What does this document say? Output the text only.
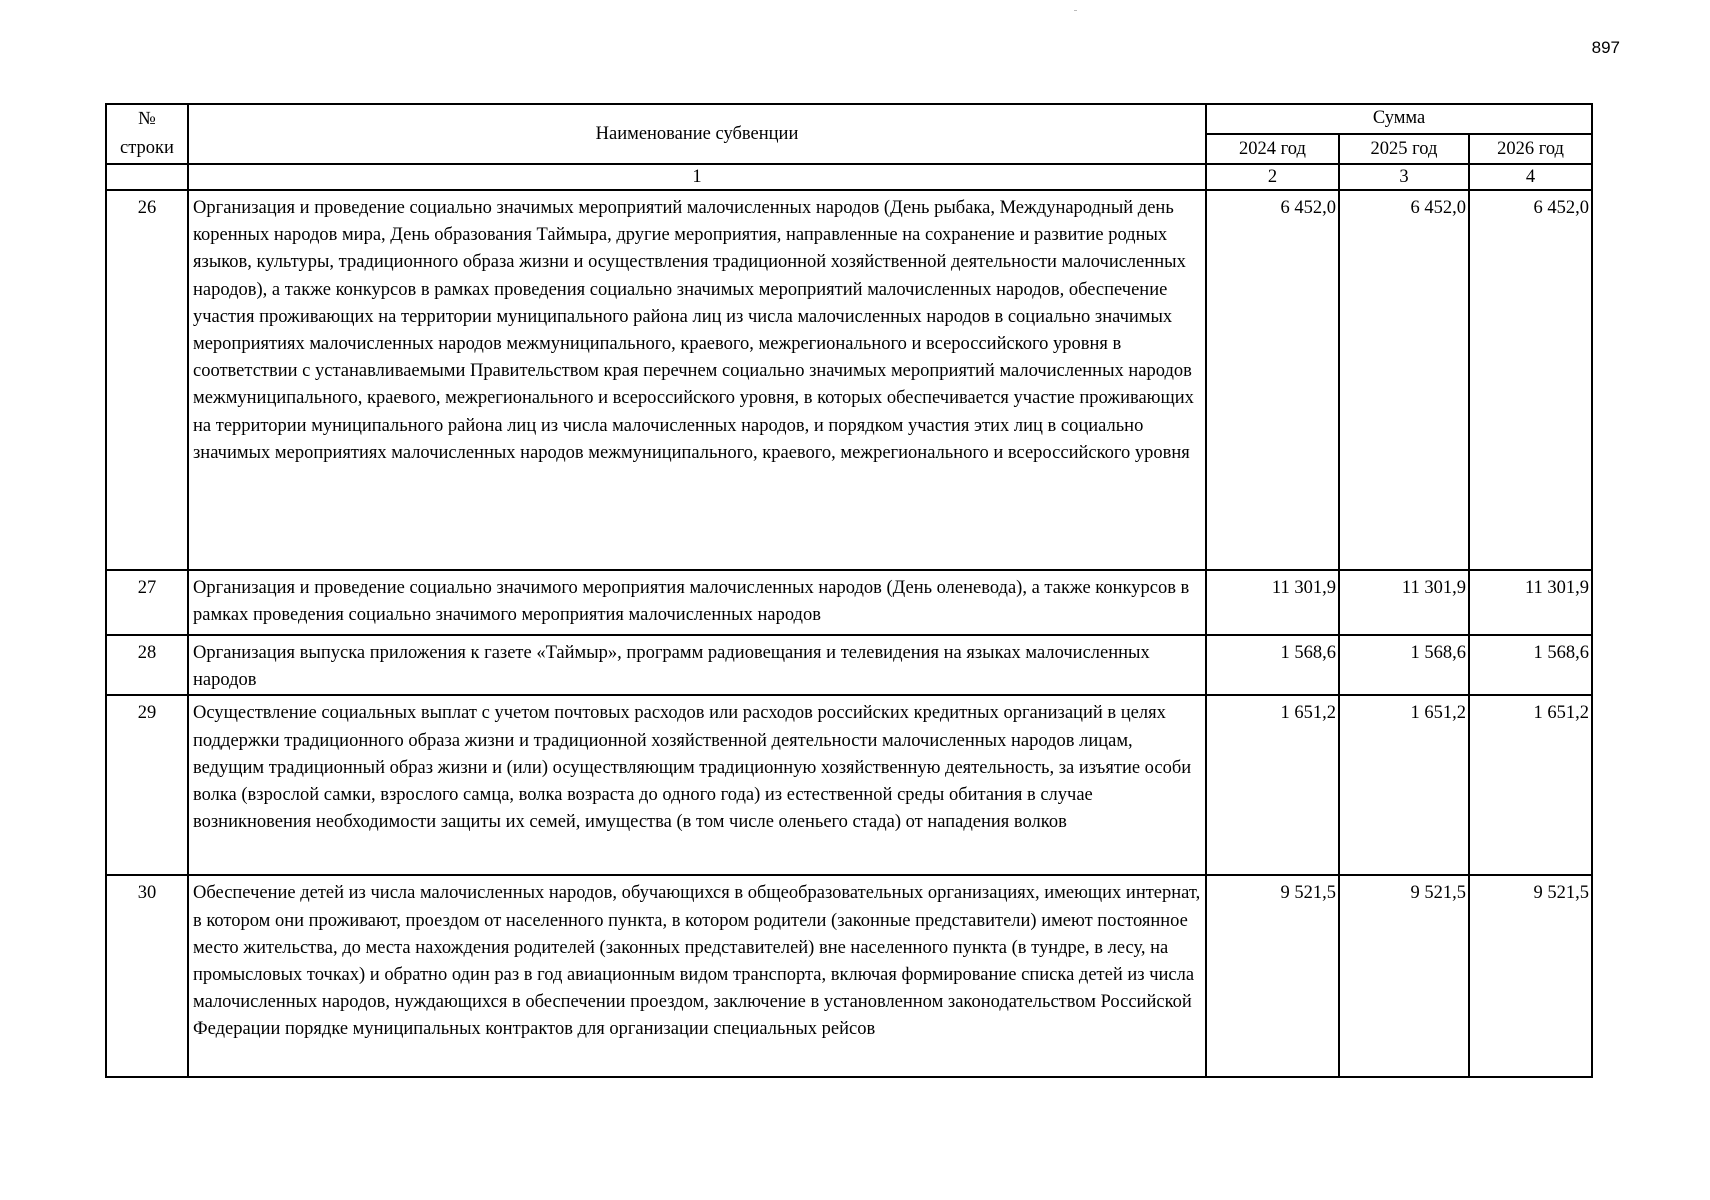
897
№
строки	Наименование субвенции	Сумма		
		2024 год	2025 год	2026 год
	1	2	3	4
26	Организация и проведение социально значимых мероприятий малочисленных народов (День рыбака, Международный день коренных народов мира, День образования Таймыра, другие мероприятия, направленные на сохранение и развитие родных языков, культуры, традиционного образа жизни и осуществления традиционной хозяйственной деятельности малочисленных народов), а также конкурсов в рамках проведения социально значимых мероприятий малочисленных народов, обеспечение участия проживающих на территории муниципального района лиц из числа малочисленных народов в социально значимых мероприятиях малочисленных народов межмуниципального, краевого, межрегионального и всероссийского уровня в соответствии с устанавливаемыми Правительством края перечнем социально значимых мероприятий малочисленных народов межмуниципального, краевого, межрегионального и всероссийского уровня, в которых обеспечивается участие проживающих на территории муниципального района лиц из числа малочисленных народов, и порядком участия этих лиц в социально значимых мероприятиях малочисленных народов межмуниципального, краевого, межрегионального и всероссийского уровня	6 452,0	6 452,0	6 452,0
27	Организация и проведение социально значимого мероприятия малочисленных народов (День оленевода), а также конкурсов в рамках проведения социально значимого мероприятия малочисленных народов	11 301,9	11 301,9	11 301,9
28	Организация выпуска приложения к газете «Таймыр», программ радиовещания и телевидения на языках малочисленных народов	1 568,6	1 568,6	1 568,6
29	Осуществление социальных выплат с учетом почтовых расходов или расходов российских кредитных организаций в целях поддержки традиционного образа жизни и традиционной хозяйственной деятельности малочисленных народов лицам, ведущим традиционный образ жизни и (или) осуществляющим традиционную хозяйственную деятельность, за изъятие особи волка (взрослой самки, взрослого самца, волка возраста до одного года) из естественной среды обитания в случае возникновения необходимости защиты их семей, имущества (в том числе оленьего стада) от нападения волков	1 651,2	1 651,2	1 651,2
30	Обеспечение детей из числа малочисленных народов, обучающихся в общеобразовательных организациях, имеющих интернат, в котором они проживают, проездом от населенного пункта, в котором родители (законные представители) имеют постоянное место жительства, до места нахождения родителей (законных представителей) вне населенного пункта (в тундре, в лесу, на промысловых точках) и обратно один раз в год авиационным видом транспорта, включая формирование списка детей из числа малочисленных народов, нуждающихся в обеспечении проездом, заключение в установленном законодательством Российской Федерации порядке муниципальных контрактов для организации специальных рейсов	9 521,5	9 521,5	9 521,5
